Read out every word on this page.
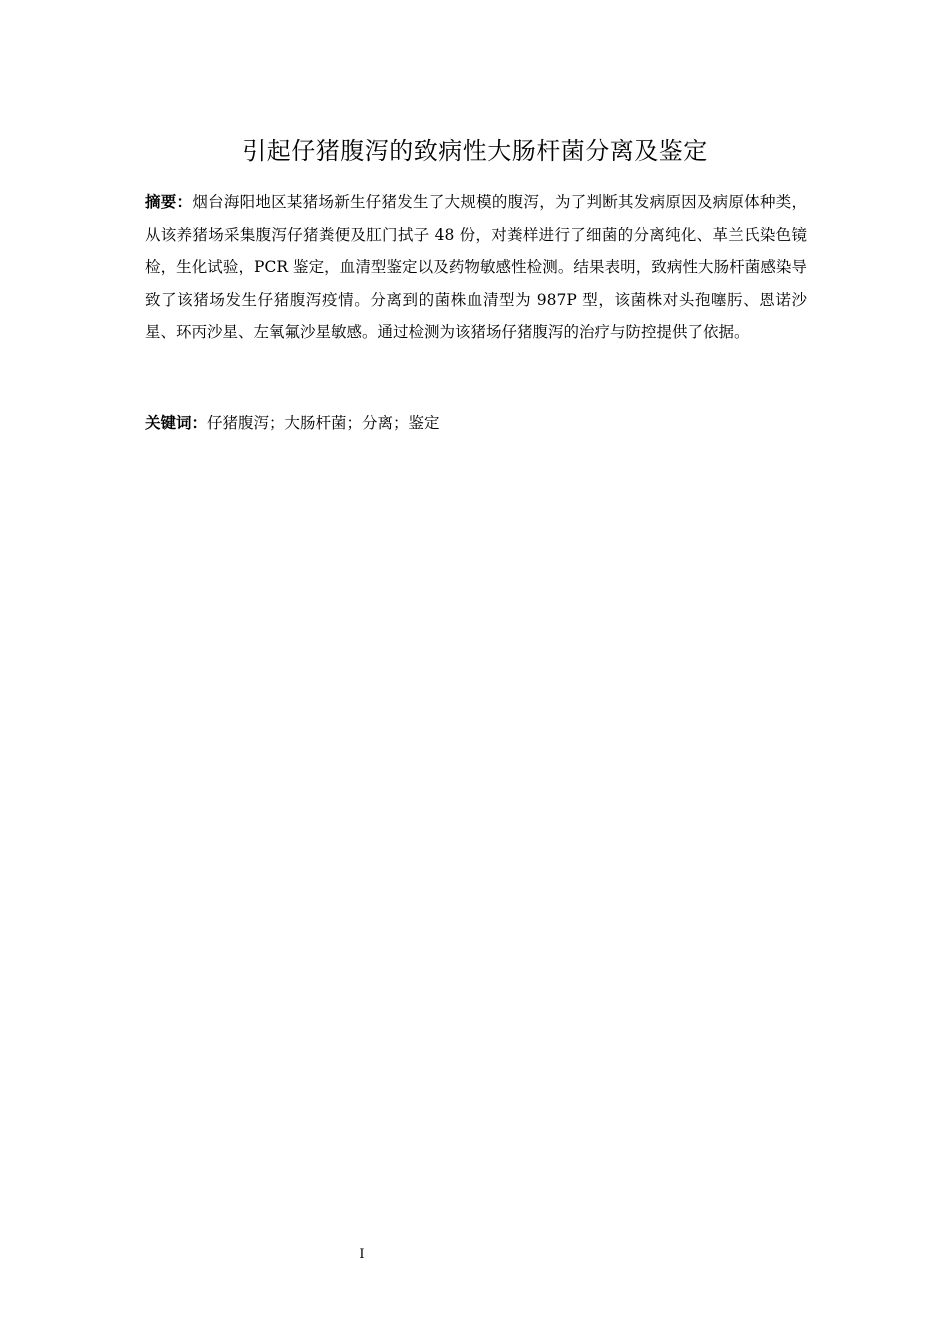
引起仔猪腹泻的致病性大肠杆菌分离及鉴定

摘要：烟台海阳地区某猪场新生仔猪发生了大规模的腹泻，为了判断其发病原因及病原体种类，从该养猪场采集腹泻仔猪粪便及肛门拭子 48 份，对粪样进行了细菌的分离纯化、革兰氏染色镜检，生化试验，PCR 鉴定，血清型鉴定以及药物敏感性检测。结果表明，致病性大肠杆菌感染导致了该猪场发生仔猪腹泻疫情。分离到的菌株血清型为 987P 型，该菌株对头孢噻肟、恩诺沙星、环丙沙星、左氧氟沙星敏感。通过检测为该猪场仔猪腹泻的治疗与防控提供了依据。

关键词：仔猪腹泻；大肠杆菌；分离；鉴定

I
